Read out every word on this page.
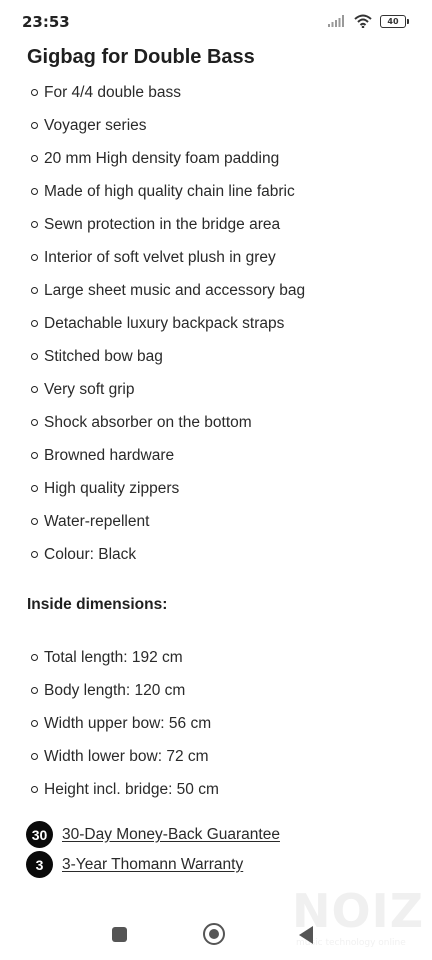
23:53	40
Gigbag for Double Bass
For 4/4 double bass
Voyager series
20 mm High density foam padding
Made of high quality chain line fabric
Sewn protection in the bridge area
Interior of soft velvet plush in grey
Large sheet music and accessory bag
Detachable luxury backpack straps
Stitched bow bag
Very soft grip
Shock absorber on the bottom
Browned hardware
High quality zippers
Water-repellent
Colour: Black
Inside dimensions:
Total length: 192 cm
Body length: 120 cm
Width upper bow: 56 cm
Width lower bow: 72 cm
Height incl. bridge: 50 cm
30 30-Day Money-Back Guarantee
3	3-Year Thomann Warranty
NOIZ
music technology online
